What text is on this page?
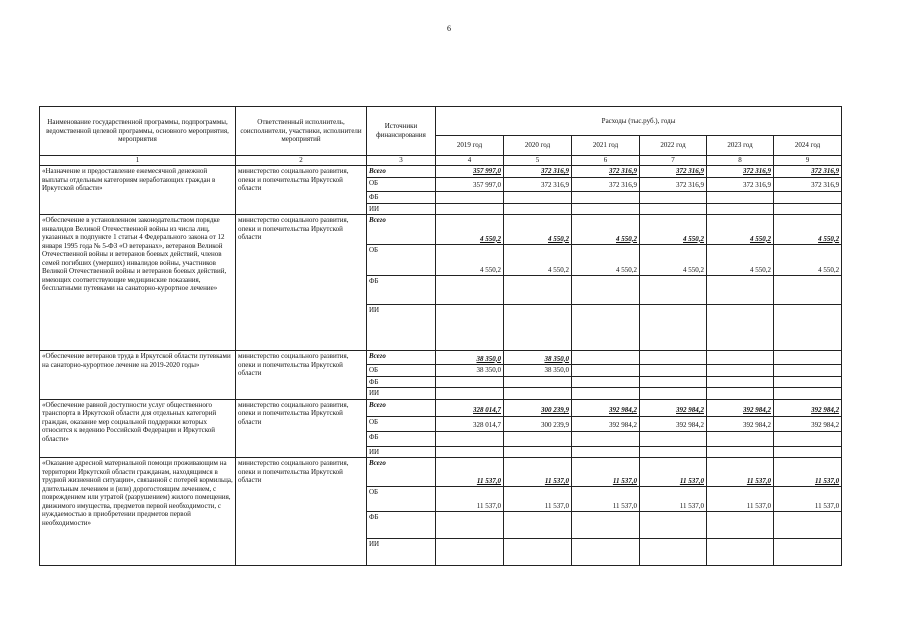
6
Наименование государственной программы, подпрограммы, ведомственной целевой программы, основного мероприятия, мероприятия	Ответственный исполнитель, соисполнители, участники, исполнители мероприятий	Источники финансирования	Расходы (тыс.руб.), годы					
			2019 год	2020 год	2021 год	2022 год	2023 год	2024 год
1	2	3	4	5	6	7	8	9
«Назначение и предоставление ежемесячной денежной выплаты отдельным категориям неработающих граждан в Иркутской области»	министерство социального развития, опеки и попечительства Иркутской области	Всего	357 997,0	372 316,9	372 316,9	372 316,9	372 316,9	372 316,9
		ОБ	357 997,0	372 316,9	372 316,9	372 316,9	372 316,9	372 316,9
		ФБ						
		ИИ						
«Обеспечение в установленном законодательством порядке инвалидов Великой Отечественной войны из числа лиц, указанных в подпункте 1 статьи 4 Федерального закона от 12 января 1995 года № 5-ФЗ «О ветеранах», ветеранов Великой Отечественной войны и ветеранов боевых действий, членов семей погибших (умерших) инвалидов войны, участников Великой Отечественной войны и ветеранов боевых действий, имеющих соответствующие медицинские показания, бесплатными путевками на санаторно-курортное лечение»	министерство социального развития, опеки и попечительства Иркутской области	Всего	4 550,2	4 550,2	4 550,2	4 550,2	4 550,2	4 550,2
		ОБ	4 550,2	4 550,2	4 550,2	4 550,2	4 550,2	4 550,2
		ФБ						
		ИИ						
«Обеспечение ветеранов труда в Иркутской области путевками на санаторно-курортное лечение на 2019-2020 годы»	министерство социального развития, опеки и попечительства Иркутской области	Всего	38 350,0	38 350,0				
		ОБ	38 350,0	38 350,0				
		ФБ						
		ИИ						
«Обеспечение равной доступности услуг общественного транспорта в Иркутской области для отдельных категорий граждан, оказание мер социальной поддержки которых относится к ведению Российской Федерации и Иркутской области»	министерство социального развития, опеки и попечительства Иркутской области	Всего	328 014,7	300 239,9	392 984,2	392 984,2	392 984,2	392 984,2
		ОБ	328 014,7	300 239,9	392 984,2	392 984,2	392 984,2	392 984,2
		ФБ						
		ИИ						
«Оказание адресной материальной помощи проживающим на территории Иркутской области гражданам, находящимся в трудной жизненной ситуации», связанной с потерей кормильца, длительным лечением и (или) дорогостоящим лечением, с повреждением или утратой (разрушением) жилого помещения, движимого имущества, предметов первой необходимости, с нуждаемостью в приобретении предметов первой необходимости»	министерство социального развития, опеки и попечительства Иркутской области	Всего	11 537,0	11 537,0	11 537,0	11 537,0	11 537,0	11 537,0
		ОБ	11 537,0	11 537,0	11 537,0	11 537,0	11 537,0	11 537,0
		ФБ						
		ИИ						
